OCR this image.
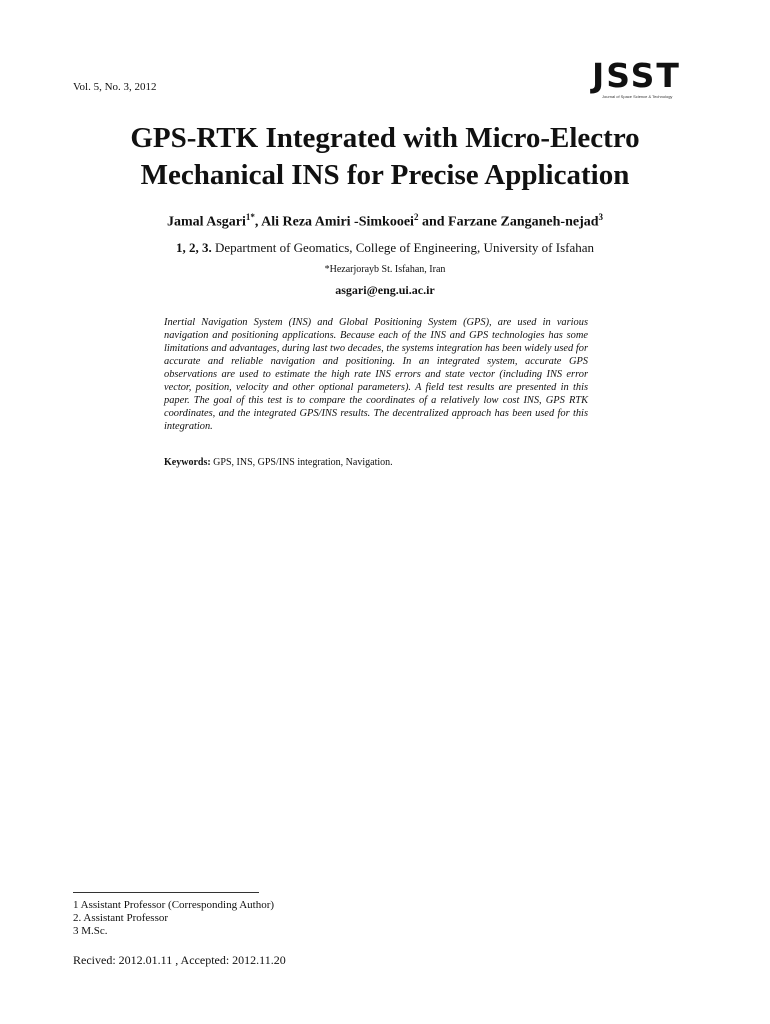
Vol. 5, No. 3, 2012	JSST
Journal of Space Science & Technology
GPS-RTK Integrated with Micro-Electro
Mechanical INS for Precise Application
Jamal Asgari$^{1*}$, Ali Reza Amiri -Simkooei$^2$ and Farzane Zanganeh-nejad$^3$
1, 2, 3. Department of Geomatics, College of Engineering, University of Isfahan
*Hezarjorayb St. Isfahan, Iran
asgari@eng.ui.ac.ir

Inertial Navigation System (INS) and Global Positioning System (GPS), are used in various navigation and positioning applications. Because each of the INS and GPS technologies has some limitations and advantages, during last two decades, the systems integration has been widely used for accurate and reliable navigation and positioning. In an integrated system, accurate GPS observations are used to estimate the high rate INS errors and state vector (including INS error vector, position, velocity and other optional parameters). A field test results are presented in this paper. The goal of this test is to compare the coordinates of a relatively low cost INS, GPS RTK coordinates, and the integrated GPS/INS results. The decentralized approach has been used for this integration.

Keywords: GPS, INS, GPS/INS integration, Navigation.
1 Assistant Professor (Corresponding Author)
2. Assistant Professor
3 M.Sc.
Recived: 2012.01.11 , Accepted: 2012.11.20
